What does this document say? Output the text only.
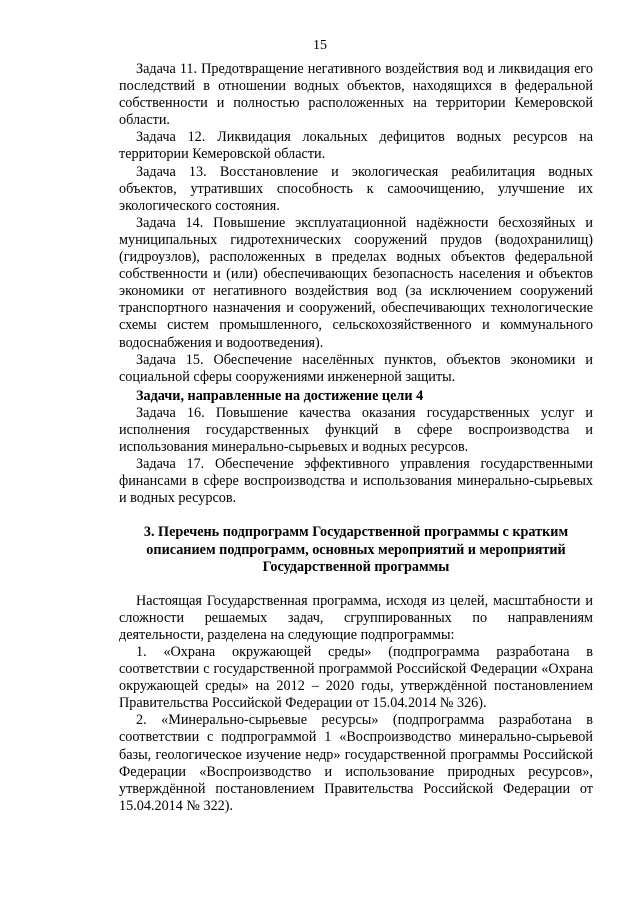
15

Задача 11. Предотвращение негативного воздействия вод и ликвидация его последствий в отношении водных объектов, находящихся в федеральной собственности и полностью расположенных на территории Кемеровской области.

Задача 12. Ликвидация локальных дефицитов водных ресурсов на территории Кемеровской области.

Задача 13. Восстановление и экологическая реабилитация водных объектов, утративших способность к самоочищению, улучшение их экологического состояния.

Задача 14. Повышение эксплуатационной надёжности бесхозяйных и муниципальных гидротехнических сооружений прудов (водохранилищ) (гидроузлов), расположенных в пределах водных объектов федеральной собственности и (или) обеспечивающих безопасность населения и объектов экономики от негативного воздействия вод (за исключением сооружений транспортного назначения и сооружений, обеспечивающих технологические схемы систем промышленного, сельскохозяйственного и коммунального водоснабжения и водоотведения).

Задача 15. Обеспечение населённых пунктов, объектов экономики и социальной сферы сооружениями инженерной защиты.

Задачи, направленные на достижение цели 4

Задача 16. Повышение качества оказания государственных услуг и исполнения государственных функций в сфере воспроизводства и использования минерально-сырьевых и водных ресурсов.

Задача 17. Обеспечение эффективного управления государственными финансами в сфере воспроизводства и использования минерально-сырьевых и водных ресурсов.

3. Перечень подпрограмм Государственной программы с кратким
описанием подпрограмм, основных мероприятий и мероприятий
Государственной программы

Настоящая Государственная программа, исходя из целей, масштабности и сложности решаемых задач, сгруппированных по направлениям деятельности, разделена на следующие подпрограммы:

1. «Охрана окружающей среды» (подпрограмма разработана в соответствии с государственной программой Российской Федерации «Охрана окружающей среды» на 2012 – 2020 годы, утверждённой постановлением Правительства Российской Федерации от 15.04.2014 № 326).

2. «Минерально-сырьевые ресурсы» (подпрограмма разработана в соответствии с подпрограммой 1 «Воспроизводство минерально-сырьевой базы, геологическое изучение недр» государственной программы Российской Федерации «Воспроизводство и использование природных ресурсов», утверждённой постановлением Правительства Российской Федерации от 15.04.2014 № 322).
